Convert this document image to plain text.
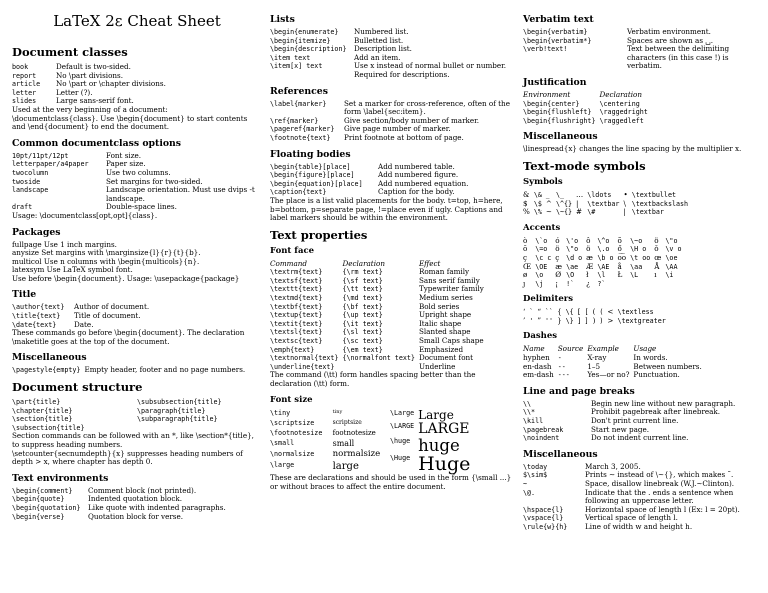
LaTeX 2ε Cheat Sheet
Document classes
book	Default is two-sided.
report	No \part divisions.
article	No \part or \chapter divisions.
letter	Letter (?).
slides	Large sans-serif font.

Used at the very beginning of a document:

\documentclass{class}. Use \begin{document} to start contents and \end{document} to end the document.

Common documentclass options
10pt/11pt/12pt	Font size.
letterpaper/a4paper	Paper size.
twocolumn	Use two columns.
twoside	Set margins for two-sided.
landscape	Landscape orientation. Must use dvips -t landscape.
draft	Double-space lines.

Usage: \documentclass[opt,opt]{class}.

Packages
fullpage Use 1 inch margins.
anysize Set margins with \marginsize{l}{r}{t}{b}.
multicol Use n columns with \begin{multicols}{n}.
latexsym Use LaTeX symbol font.
Use before \begin{document}. Usage: \usepackage{package}
Title
\author{text}	Author of document.
\title{text}	Title of document.
\date{text}	Date.

These commands go before \begin{document}. The declaration \maketitle goes at the top of the document.

Miscellaneous
\pagestyle{empty} Empty header, footer and no page numbers.
Document structure
\part{title}
\chapter{title}
\section{title}
\subsection{title}
\subsubsection{title}
\paragraph{title}
\subparagraph{title}

Section commands can be followed with an *, like \section*{title}, to suppress heading numbers.

\setcounter{secnumdepth}{x} suppresses heading numbers of depth > x, where chapter has depth 0.

Text environments
\begin{comment}	Comment block (not printed).
\begin{quote}	Indented quotation block.
\begin{quotation}	Like quote with indented paragraphs.
\begin{verse}	Quotation block for verse.
Lists
\begin{enumerate}	Numbered list.
\begin{itemize}	Bulletted list.
\begin{description}	Description list.
\item text	Add an item.
\item[x] text	Use x instead of normal bullet or number. Required for descriptions.
References
\label{marker}	Set a marker for cross-reference, often of the form \label{sec:item}.
\ref{marker}	Give section/body number of marker.
\pageref{marker}	Give page number of marker.
\footnote{text}	Print footnote at bottom of page.
Floating bodies
\begin{table}[place]	Add numbered table.
\begin{figure}[place]	Add numbered figure.
\begin{equation}[place]	Add numbered equation.
\caption{text}	Caption for the body.

The place is a list valid placements for the body. t=top, h=here, b=bottom, p=separate page, !=place even if ugly. Captions and label markers should be within the environment.

Text properties
Font face
Command	Declaration	Effect
\textrm{text}	{\rm text}	Roman family
\textsf{text}	{\sf text}	Sans serif family
\texttt{text}	{\tt text}	Typewriter family
\textmd{text}	{\md text}	Medium series
\textbf{text}	{\bf text}	Bold series
\textup{text}	{\up text}	Upright shape
\textit{text}	{\it text}	Italic shape
\textsl{text}	{\sl text}	Slanted shape
\textsc{text}	{\sc text}	Small Caps shape
\emph{text}	{\em text}	Emphasized
\textnormal{text}	{\normalfont text}	Document font
\underline{text}		Underline

The command (\tt) form handles spacing better than the declaration (\tt) form.

Font size
\tiny	tiny
\scriptsize	scriptsize
\footnotesize	footnotesize
\small	small
\normalsize	normalsize
\large	large
\Large	Large
\LARGE	LARGE
\huge	huge
\Huge	Huge

These are declarations and should be used in the form {\small ...} or without braces to affect the entire document.

Verbatim text
\begin{verbatim}	Verbatim environment.
\begin{verbatim*}	Spaces are shown as ␣.
\verb!text!	Text between the delimiting characters (in this case !) is verbatim.
Justification
Environment	Declaration
\begin{center}	\centering
\begin{flushleft}	\raggedright
\begin{flushright}	\raggedleft
Miscellaneous

\linespread{x} changes the line spacing by the multiplier x.

Text-mode symbols
Symbols
&	\&	_	\_	…	\ldots	•	\textbullet
$	\$	^	\^{}	|	\textbar	\	\textbackslash
%	\%	~	\~{}	#	\#	|	\textbar
Accents
ò	\`o	ó	\'o	ô	\^o	õ	\~o	ö	\"o
ō	\=o	ö	\"o	ö	\.o	ő	\H o	ǒ	\v o
ç	\c c	ç	\d o	æ	\b o	o͡o	\t oo	œ	\oe
Œ	\OE	æ	\ae	Æ	\AE	å	\aa	Å	\AA
ø	\o	Ø	\O	ł	\l	Ł	\L	ı	\i
ȷ	\j	¡	!`	¿	?`				
Delimiters
‘	`	“	``	{	\{	[	[	(	(	<	\textless
’	'	”	''	}	\}	]	]	)	)	>	\textgreater
Dashes
Name	Source	Example	Usage
hyphen	-	X-ray	In words.
en-dash	--	1–5	Between numbers.
em-dash	---	Yes—or no?	Punctuation.
Line and page breaks
\\	Begin new line without new paragraph.
\\*	Prohibit pagebreak after linebreak.
\kill	Don't print current line.
\pagebreak	Start new page.
\noindent	Do not indent current line.
Miscellaneous
\today	March 3, 2005.
$\sim$	Prints ∼ instead of \~{}, which makes ˜.
~	Space, disallow linebreak (W.J.~Clinton).
\@.	Indicate that the . ends a sentence when following an uppercase letter.
\hspace{l}	Horizontal space of length l (Ex: l = 20pt).
\vspace{l}	Vertical space of length l.
\rule{w}{h}	Line of width w and height h.
